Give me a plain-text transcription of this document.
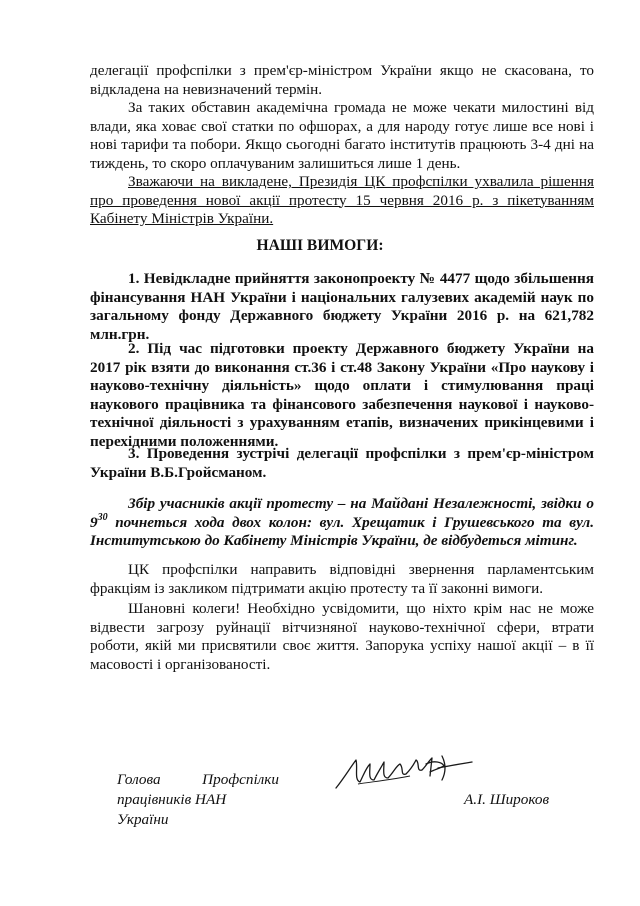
делегації профспілки з прем'єр-міністром України якщо не скасована, то відкладена на невизначений термін.

За таких обставин академічна громада не може чекати милостині від влади, яка ховає свої статки по офшорах, а для народу готує лише все нові і нові тарифи та побори. Якщо сьогодні багато інститутів працюють 3-4 дні на тиждень, то скоро оплачуваним залишиться лише 1 день.

Зважаючи на викладене, Президія ЦК профспілки ухвалила рішення про проведення нової акції протесту 15 червня 2016 р. з пікетуванням Кабінету Міністрів України.

НАШІ ВИМОГИ:

1. Невідкладне прийняття законопроекту № 4477 щодо збільшення фінансування НАН України і національних галузевих академій наук по загальному фонду Державного бюджету України 2016 р. на 621,782 млн.грн.

2. Під час підготовки проекту Державного бюджету України на 2017 рік взяти до виконання ст.36 і ст.48 Закону України «Про наукову і науково-технічну діяльність» щодо оплати і стимулювання праці наукового працівника та фінансового забезпечення наукової і науково-технічної діяльності з урахуванням етапів, визначених прикінцевими і перехідними положеннями.

3. Проведення зустрічі делегації профспілки з прем'єр-міністром України В.Б.Гройсманом.

Збір учасників акції протесту – на Майдані Незалежності, звідки о $9^{30}$ почнеться хода двох колон: вул. Хрещатик і Грушевського та вул. Інститутською до Кабінету Міністрів України, де відбудеться мітинг.

ЦК профспілки направить відповідні звернення парламентським фракціям із закликом підтримати акцію протесту та її законні вимоги.

Шановні колеги! Необхідно усвідомити, що ніхто крім нас не може відвести загрозу руйнації вітчизняної науково-технічної сфери, втрати роботи, якій ми присвятили своє життя. Запорука успіху нашої акції – в її масовості і організованості.

Голова	Профспілки
працівників НАН України
А.І. Широков
